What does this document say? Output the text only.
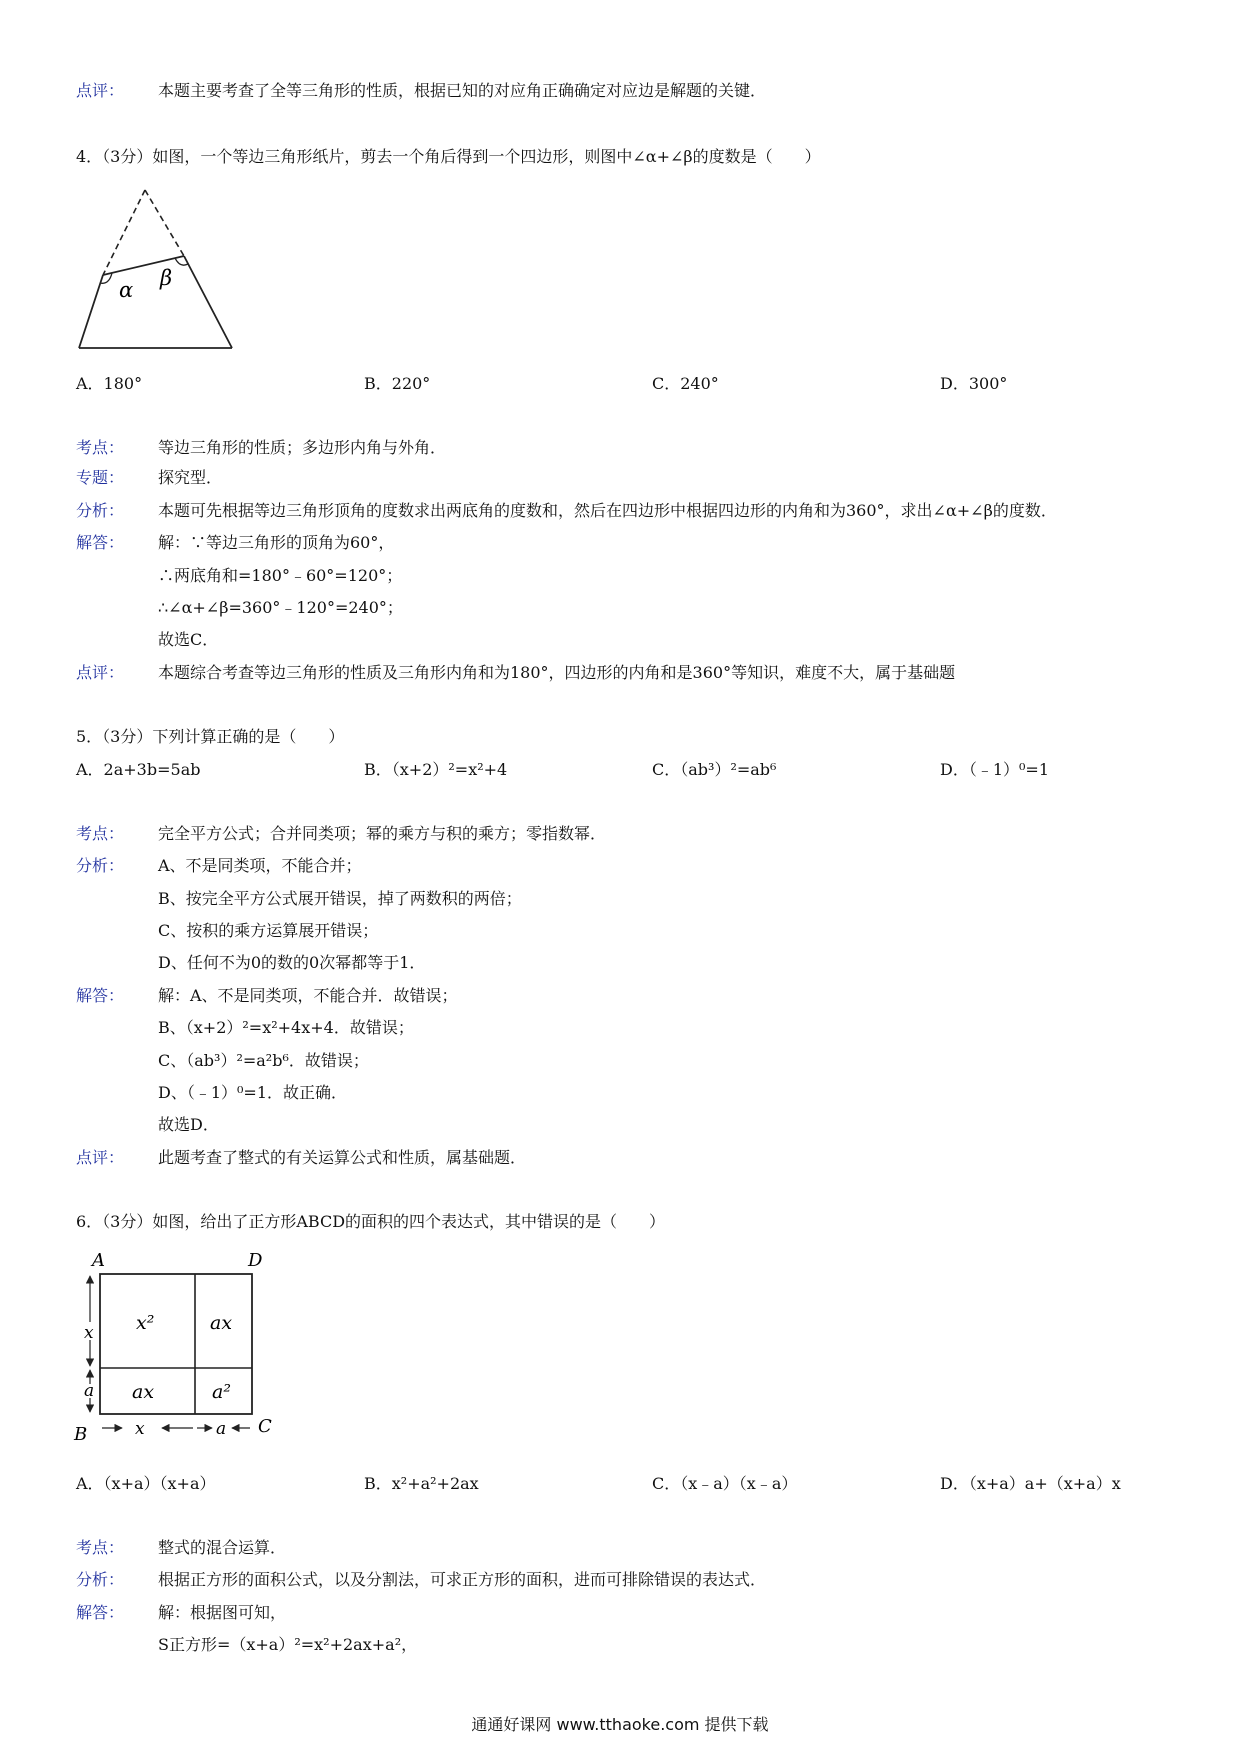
点评： 本题主要考查了全等三角形的性质，根据已知的对应角正确确定对应边是解题的关键．
4．（3分）如图，一个等边三角形纸片，剪去一个角后得到一个四边形，则图中∠α+∠β的度数是（　　）
α β
A．180°	B．220°	C．240°	D．300°
考点： 等边三角形的性质；多边形内角与外角．
专题： 探究型．
分析： 本题可先根据等边三角形顶角的度数求出两底角的度数和，然后在四边形中根据四边形的内角和为360°，求出∠α+∠β的度数．
解答： 解：∵等边三角形的顶角为60°，
∴两底角和=180°﹣60°=120°；
∴∠α+∠β=360°﹣120°=240°；
故选C．
点评： 本题综合考查等边三角形的性质及三角形内角和为180°，四边形的内角和是360°等知识，难度不大，属于基础题
5．（3分）下列计算正确的是（　　）
A．2a+3b=5ab	B．（x+2）²=x²+4	C．（ab³）²=ab⁶	D．（﹣1）⁰=1
考点： 完全平方公式；合并同类项；幂的乘方与积的乘方；零指数幂．
分析： A、不是同类项，不能合并；
B、按完全平方公式展开错误，掉了两数积的两倍；
C、按积的乘方运算展开错误；
D、任何不为0的数的0次幂都等于1．
解答： 解：A、不是同类项，不能合并．故错误；
B、（x+2）²=x²+4x+4．故错误；
C、（ab³）²=a²b⁶．故错误；
D、（﹣1）⁰=1．故正确．
故选D．
点评： 此题考查了整式的有关运算公式和性质，属基础题．
6．（3分）如图，给出了正方形ABCD的面积的四个表达式，其中错误的是（　　）
A	D
B	C
x²	ax
ax	a²
x
a
x	a
A．（x+a）（x+a）	B．x²+a²+2ax	C．（x﹣a）（x﹣a）	D．（x+a）a+（x+a）x
考点： 整式的混合运算．
分析： 根据正方形的面积公式，以及分割法，可求正方形的面积，进而可排除错误的表达式．
解答： 解：根据图可知，
S正方形=（x+a）²=x²+2ax+a²，
通通好课网 www.tthaoke.com 提供下载
